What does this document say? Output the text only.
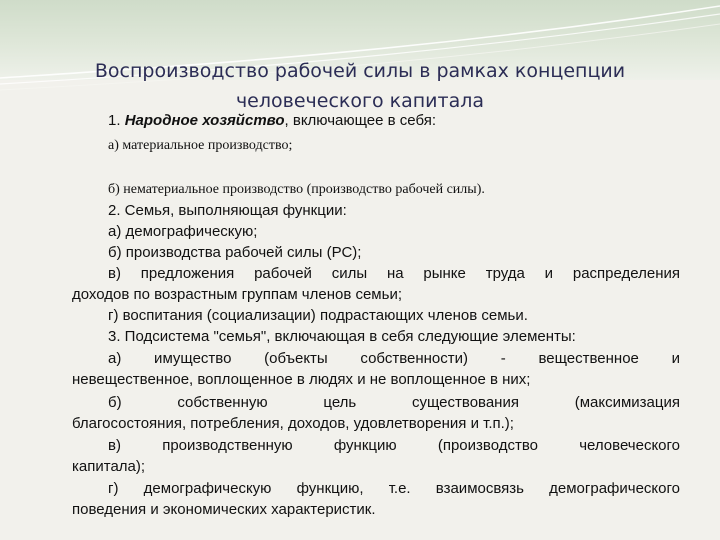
Воспроизводство рабочей силы в рамках концепции
человеческого капитала

1. Народное хозяйство, включающее в себя:

а) материальное производство;

б) нематериальное производство (производство рабочей силы).

2. Семья, выполняющая функции:

а) демографическую;

б) производства рабочей силы (РС);

в) предложения рабочей силы на рынке труда и распределения

доходов по возрастным группам членов семьи;

г) воспитания (социализации) подрастающих членов семьи.

3. Подсистема "семья", включающая в себя следующие элементы:

а) имущество (объекты собственности) - вещественное и

невещественное, воплощенное в людях и не воплощенное в них;

б) собственную цель существования (максимизация

благосостояния, потребления, доходов, удовлетворения и т.п.);

в) производственную функцию (производство человеческого

капитала);

г) демографическую функцию, т.е. взаимосвязь демографического

поведения и экономических характеристик.
